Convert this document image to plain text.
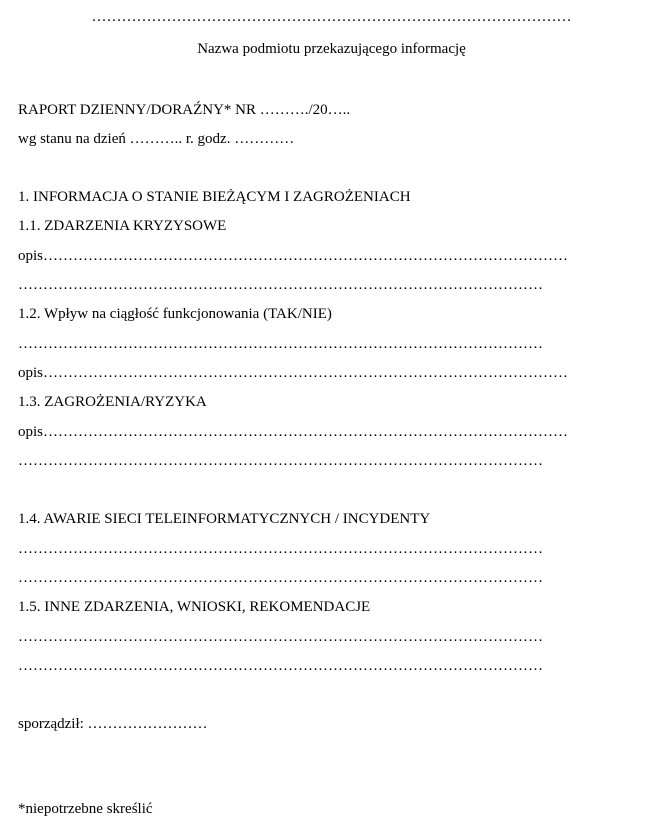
……………………………………………………………………………………
Nazwa podmiotu przekazującego informację
RAPORT DZIENNY/DORAŹNY* NR ………./20…..
wg stanu na dzień ……….. r. godz. …………
1. INFORMACJA O STANIE BIEŻĄCYM I ZAGROŻENIACH
1.1. ZDARZENIA KRYZYSOWE
opis……………………………………………………………………………………………
……………………………………………………………………………………………
1.2. Wpływ na ciągłość funkcjonowania (TAK/NIE)
……………………………………………………………………………………………
opis……………………………………………………………………………………………
1.3. ZAGROŻENIA/RYZYKA
opis……………………………………………………………………………………………
……………………………………………………………………………………………
1.4. AWARIE SIECI TELEINFORMATYCZNYCH / INCYDENTY
……………………………………………………………………………………………
……………………………………………………………………………………………
1.5. INNE ZDARZENIA, WNIOSKI, REKOMENDACJE
……………………………………………………………………………………………
……………………………………………………………………………………………
sporządził: ……………………
*niepotrzebne skreślić
